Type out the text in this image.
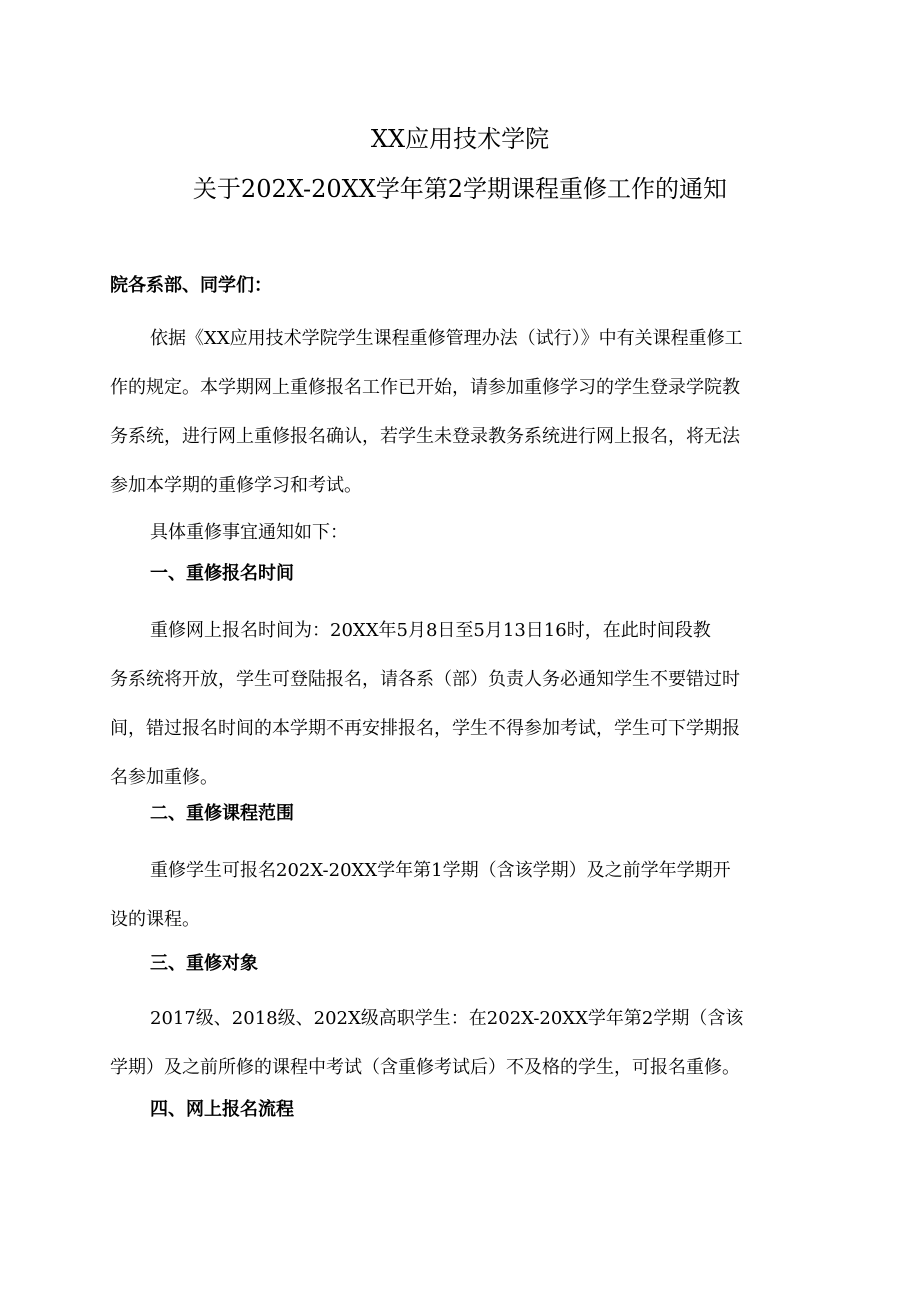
XX应用技术学院
关于202X-20XX学年第2学期课程重修工作的通知
院各系部、同学们：
依据《XX应用技术学院学生课程重修管理办法（试行）》中有关课程重修工
作的规定。本学期网上重修报名工作已开始，请参加重修学习的学生登录学院教
务系统，进行网上重修报名确认，若学生未登录教务系统进行网上报名，将无法
参加本学期的重修学习和考试。
具体重修事宜通知如下：
一、重修报名时间
重修网上报名时间为：20XX年5月8日至5月13日16时，在此时间段教
务系统将开放，学生可登陆报名，请各系（部）负责人务必通知学生不要错过时
间，错过报名时间的本学期不再安排报名，学生不得参加考试，学生可下学期报
名参加重修。
二、重修课程范围
重修学生可报名202X-20XX学年第1学期（含该学期）及之前学年学期开
设的课程。
三、重修对象
2017级、2018级、202X级高职学生：在202X-20XX学年第2学期（含该
学期）及之前所修的课程中考试（含重修考试后）不及格的学生，可报名重修。
四、网上报名流程
